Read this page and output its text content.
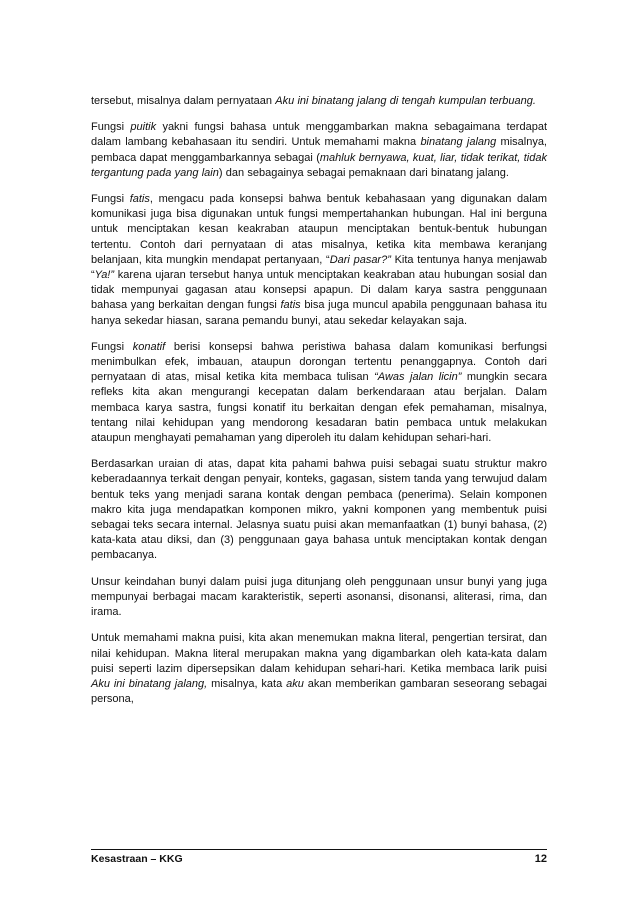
tersebut, misalnya dalam pernyataan Aku ini binatang jalang di tengah kumpulan terbuang.

Fungsi puitik yakni fungsi bahasa untuk menggambarkan makna sebagaimana terdapat dalam lambang kebahasaan itu sendiri. Untuk memahami makna binatang jalang misalnya, pembaca dapat menggambarkannya sebagai (mahluk bernyawa, kuat, liar, tidak terikat, tidak tergantung pada yang lain) dan sebagainya sebagai pemaknaan dari binatang jalang.

Fungsi fatis, mengacu pada konsepsi bahwa bentuk kebahasaan yang digunakan dalam komunikasi juga bisa digunakan untuk fungsi mempertahankan hubungan. Hal ini berguna untuk menciptakan kesan keakraban ataupun menciptakan bentuk-bentuk hubungan tertentu. Contoh dari pernyataan di atas misalnya, ketika kita membawa keranjang belanjaan, kita mungkin mendapat pertanyaan, “Dari pasar?” Kita tentunya hanya menjawab “Ya!” karena ujaran tersebut hanya untuk menciptakan keakraban atau hubungan sosial dan tidak mempunyai gagasan atau konsepsi apapun. Di dalam karya sastra penggunaan bahasa yang berkaitan dengan fungsi fatis bisa juga muncul apabila penggunaan bahasa itu hanya sekedar hiasan, sarana pemandu bunyi, atau sekedar kelayakan saja.

Fungsi konatif berisi konsepsi bahwa peristiwa bahasa dalam komunikasi berfungsi menimbulkan efek, imbauan, ataupun dorongan tertentu penanggapnya. Contoh dari pernyataan di atas, misal ketika kita membaca tulisan “Awas jalan licin” mungkin secara refleks kita akan mengurangi kecepatan dalam berkendaraan atau berjalan. Dalam membaca karya sastra, fungsi konatif itu berkaitan dengan efek pemahaman, misalnya, tentang nilai kehidupan yang mendorong kesadaran batin pembaca untuk melakukan ataupun menghayati pemahaman yang diperoleh itu dalam kehidupan sehari-hari.

Berdasarkan uraian di atas, dapat kita pahami bahwa puisi sebagai suatu struktur makro keberadaannya terkait dengan penyair, konteks, gagasan, sistem tanda yang terwujud dalam bentuk teks yang menjadi sarana kontak dengan pembaca (penerima). Selain komponen makro kita juga mendapatkan komponen mikro, yakni komponen yang membentuk puisi sebagai teks secara internal. Jelasnya suatu puisi akan memanfaatkan (1) bunyi bahasa, (2) kata-kata atau diksi, dan (3) penggunaan gaya bahasa untuk menciptakan kontak dengan pembacanya.

Unsur keindahan bunyi dalam puisi juga ditunjang oleh penggunaan unsur bunyi yang juga mempunyai berbagai macam karakteristik, seperti asonansi, disonansi, aliterasi, rima, dan irama.

Untuk memahami makna puisi, kita akan menemukan makna literal, pengertian tersirat, dan nilai kehidupan. Makna literal merupakan makna yang digambarkan oleh kata-kata dalam puisi seperti lazim dipersepsikan dalam kehidupan sehari-hari. Ketika membaca larik puisi Aku ini binatang jalang, misalnya, kata aku akan memberikan gambaran seseorang sebagai persona,

Kesastraan – KKG	12
